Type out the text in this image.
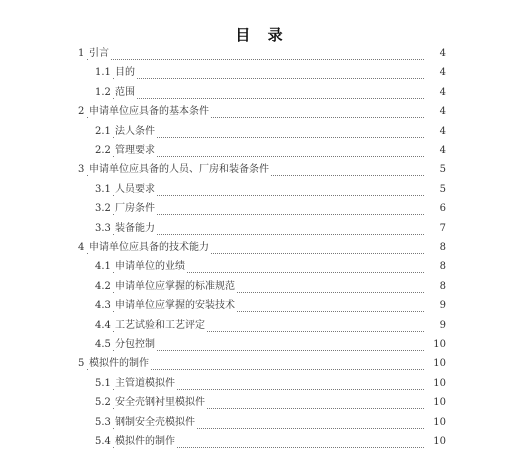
目 录
1 引言	4
1.1 目的	4
1.2 范围	4
2 申请单位应具备的基本条件	4
2.1 法人条件	4
2.2 管理要求	4
3 申请单位应具备的人员、厂房和装备条件	5
3.1 人员要求	5
3.2 厂房条件	6
3.3 装备能力	7
4 申请单位应具备的技术能力	8
4.1 申请单位的业绩	8
4.2 申请单位应掌握的标准规范	8
4.3 申请单位应掌握的安装技术	9
4.4 工艺试验和工艺评定	9
4.5 分包控制	10
5 模拟件的制作	10
5.1 主管道模拟件	10
5.2 安全壳钢衬里模拟件	10
5.3 钢制安全壳模拟件	10
5.4 模拟件的制作	10
